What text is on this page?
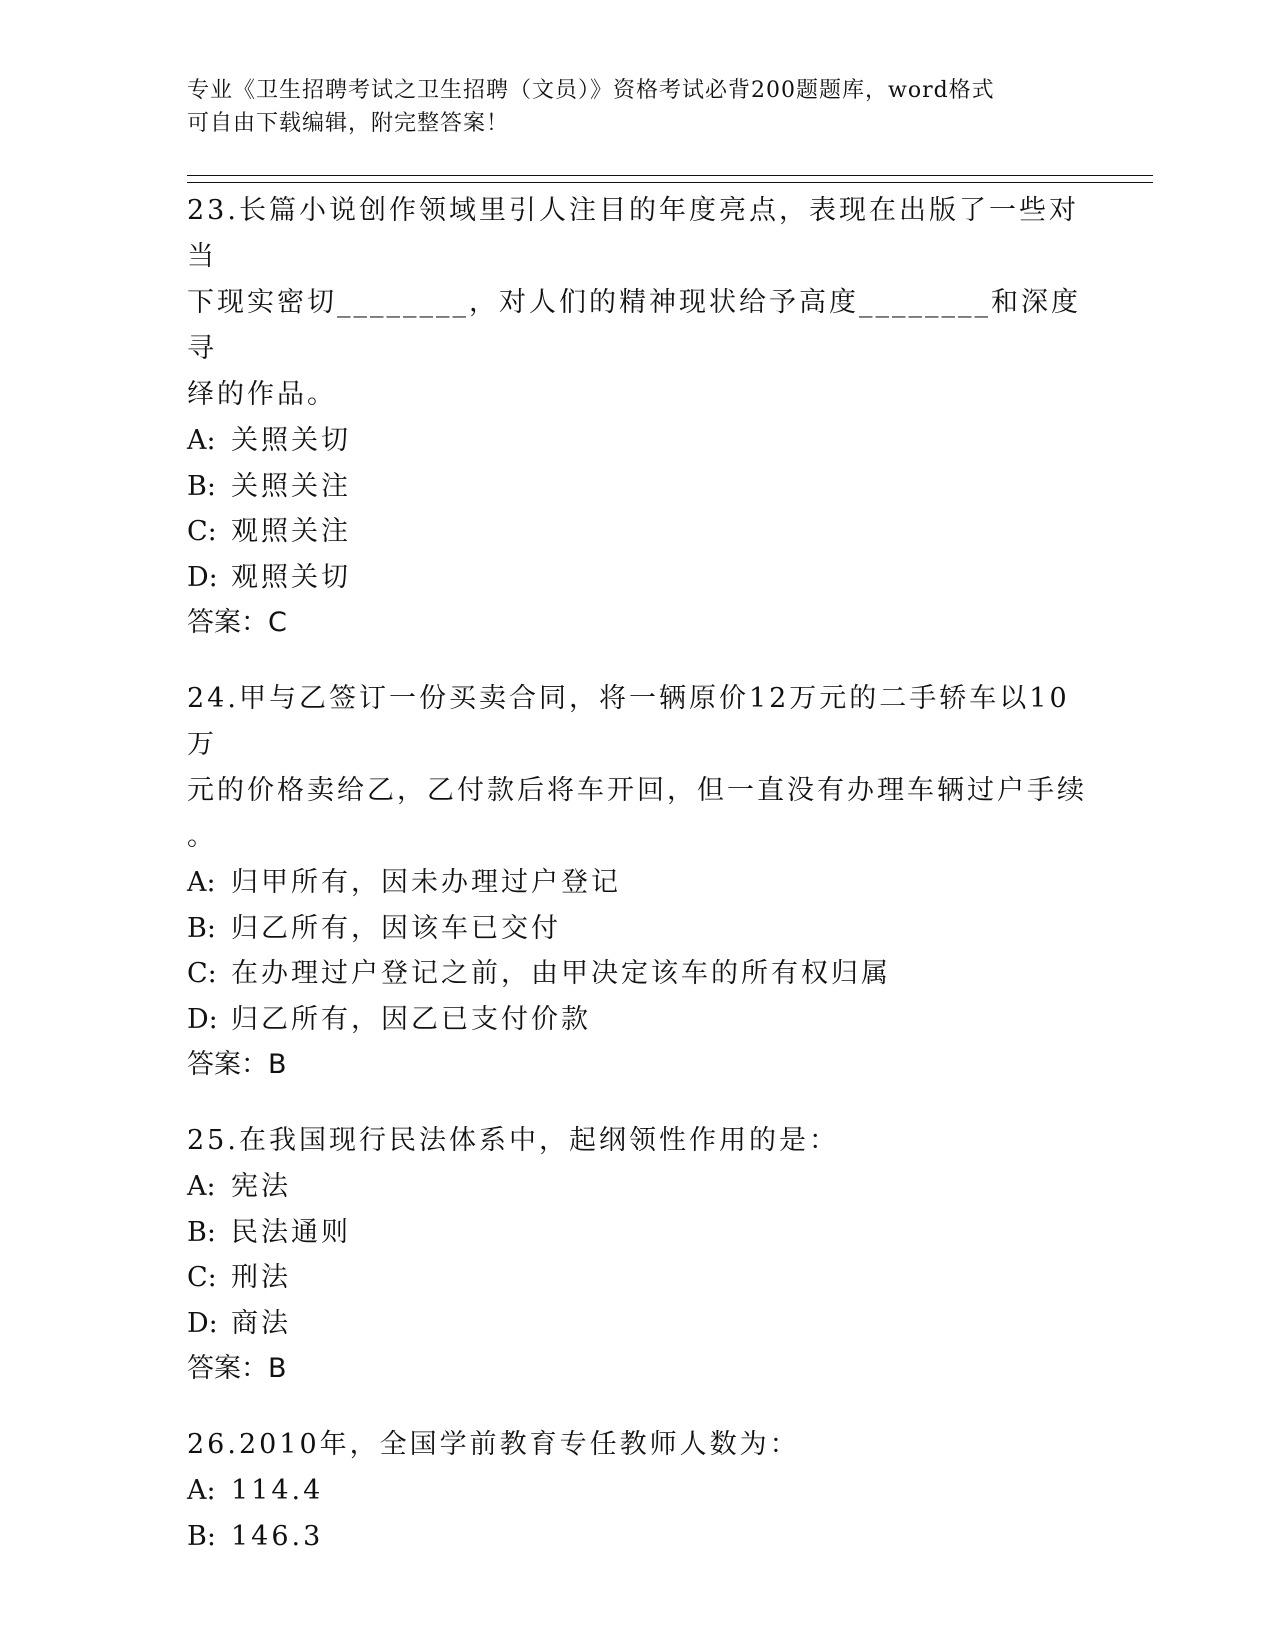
专业《卫生招聘考试之卫生招聘（文员）》资格考试必背200题题库，word格式
可自由下载编辑，附完整答案！
23.长篇小说创作领域里引人注目的年度亮点，表现在出版了一些对当
下现实密切________，对人们的精神现状给予高度________和深度寻
绎的作品。
A: 关照关切
B: 关照关注
C: 观照关注
D: 观照关切
答案：C
24.甲与乙签订一份买卖合同，将一辆原价12万元的二手轿车以10万
元的价格卖给乙，乙付款后将车开回，但一直没有办理车辆过户手续
。
A: 归甲所有，因未办理过户登记
B: 归乙所有，因该车已交付
C: 在办理过户登记之前，由甲决定该车的所有权归属
D: 归乙所有，因乙已支付价款
答案：B
25.在我国现行民法体系中，起纲领性作用的是：
A: 宪法
B: 民法通则
C: 刑法
D: 商法
答案：B
26.2010年，全国学前教育专任教师人数为：
A: 114.4
B: 146.3
